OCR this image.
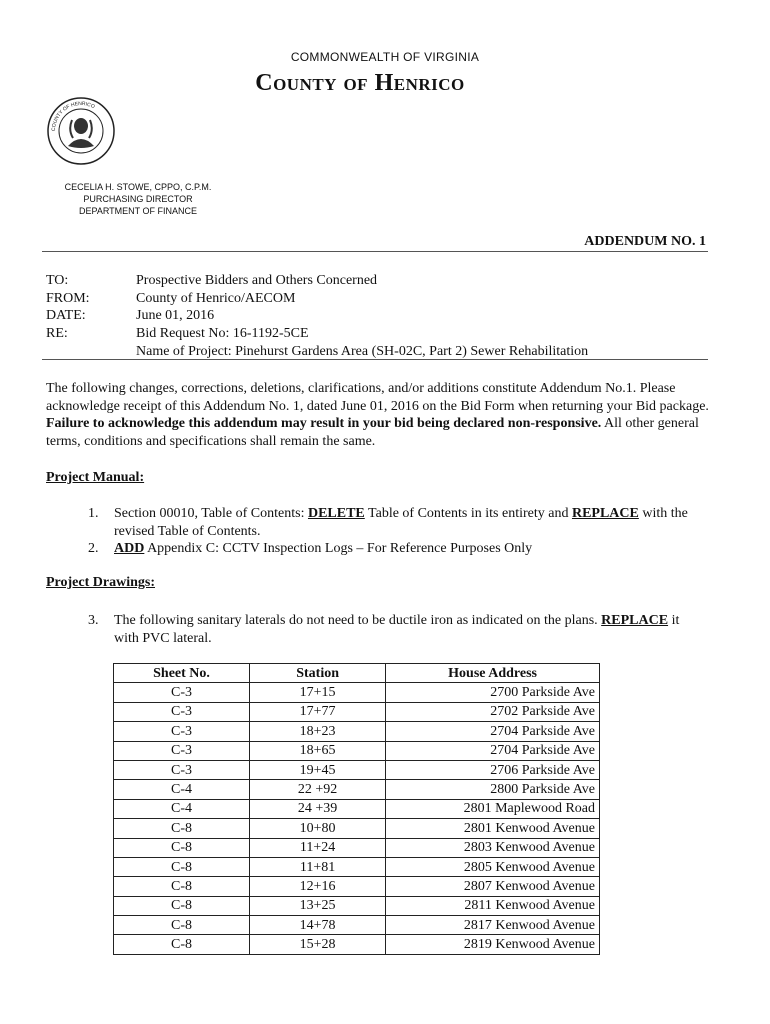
COMMONWEALTH OF VIRGINIA
County of Henrico
COUNTY OF HENRICO
CECELIA H. STOWE, CPPO, C.P.M.
PURCHASING DIRECTOR
DEPARTMENT OF FINANCE
ADDENDUM NO. 1
TO:	Prospective Bidders and Others Concerned
FROM:	County of Henrico/AECOM
DATE:	June 01, 2016
RE:	Bid Request No: 16-1192-5CE
Name of Project: Pinehurst Gardens Area (SH-02C, Part 2) Sewer Rehabilitation
The following changes, corrections, deletions, clarifications, and/or additions constitute Addendum No.1. Please acknowledge receipt of this Addendum No. 1, dated June 01, 2016 on the Bid Form when returning your Bid package. Failure to acknowledge this addendum may result in your bid being declared non-responsive. All other general terms, conditions and specifications shall remain the same.
Project Manual:
1.	Section 00010, Table of Contents: DELETE Table of Contents in its entirety and REPLACE with the revised Table of Contents.
2.	ADD Appendix C: CCTV Inspection Logs – For Reference Purposes Only
Project Drawings:
3.	The following sanitary laterals do not need to be ductile iron as indicated on the plans. REPLACE it with PVC lateral.
Sheet No.	Station	House Address
C-3	17+15	2700 Parkside Ave
C-3	17+77	2702 Parkside Ave
C-3	18+23	2704 Parkside Ave
C-3	18+65	2704 Parkside Ave
C-3	19+45	2706 Parkside Ave
C-4	22 +92	2800 Parkside Ave
C-4	24 +39	2801 Maplewood Road
C-8	10+80	2801 Kenwood Avenue
C-8	11+24	2803 Kenwood Avenue
C-8	11+81	2805 Kenwood Avenue
C-8	12+16	2807 Kenwood Avenue
C-8	13+25	2811 Kenwood Avenue
C-8	14+78	2817 Kenwood Avenue
C-8	15+28	2819 Kenwood Avenue
